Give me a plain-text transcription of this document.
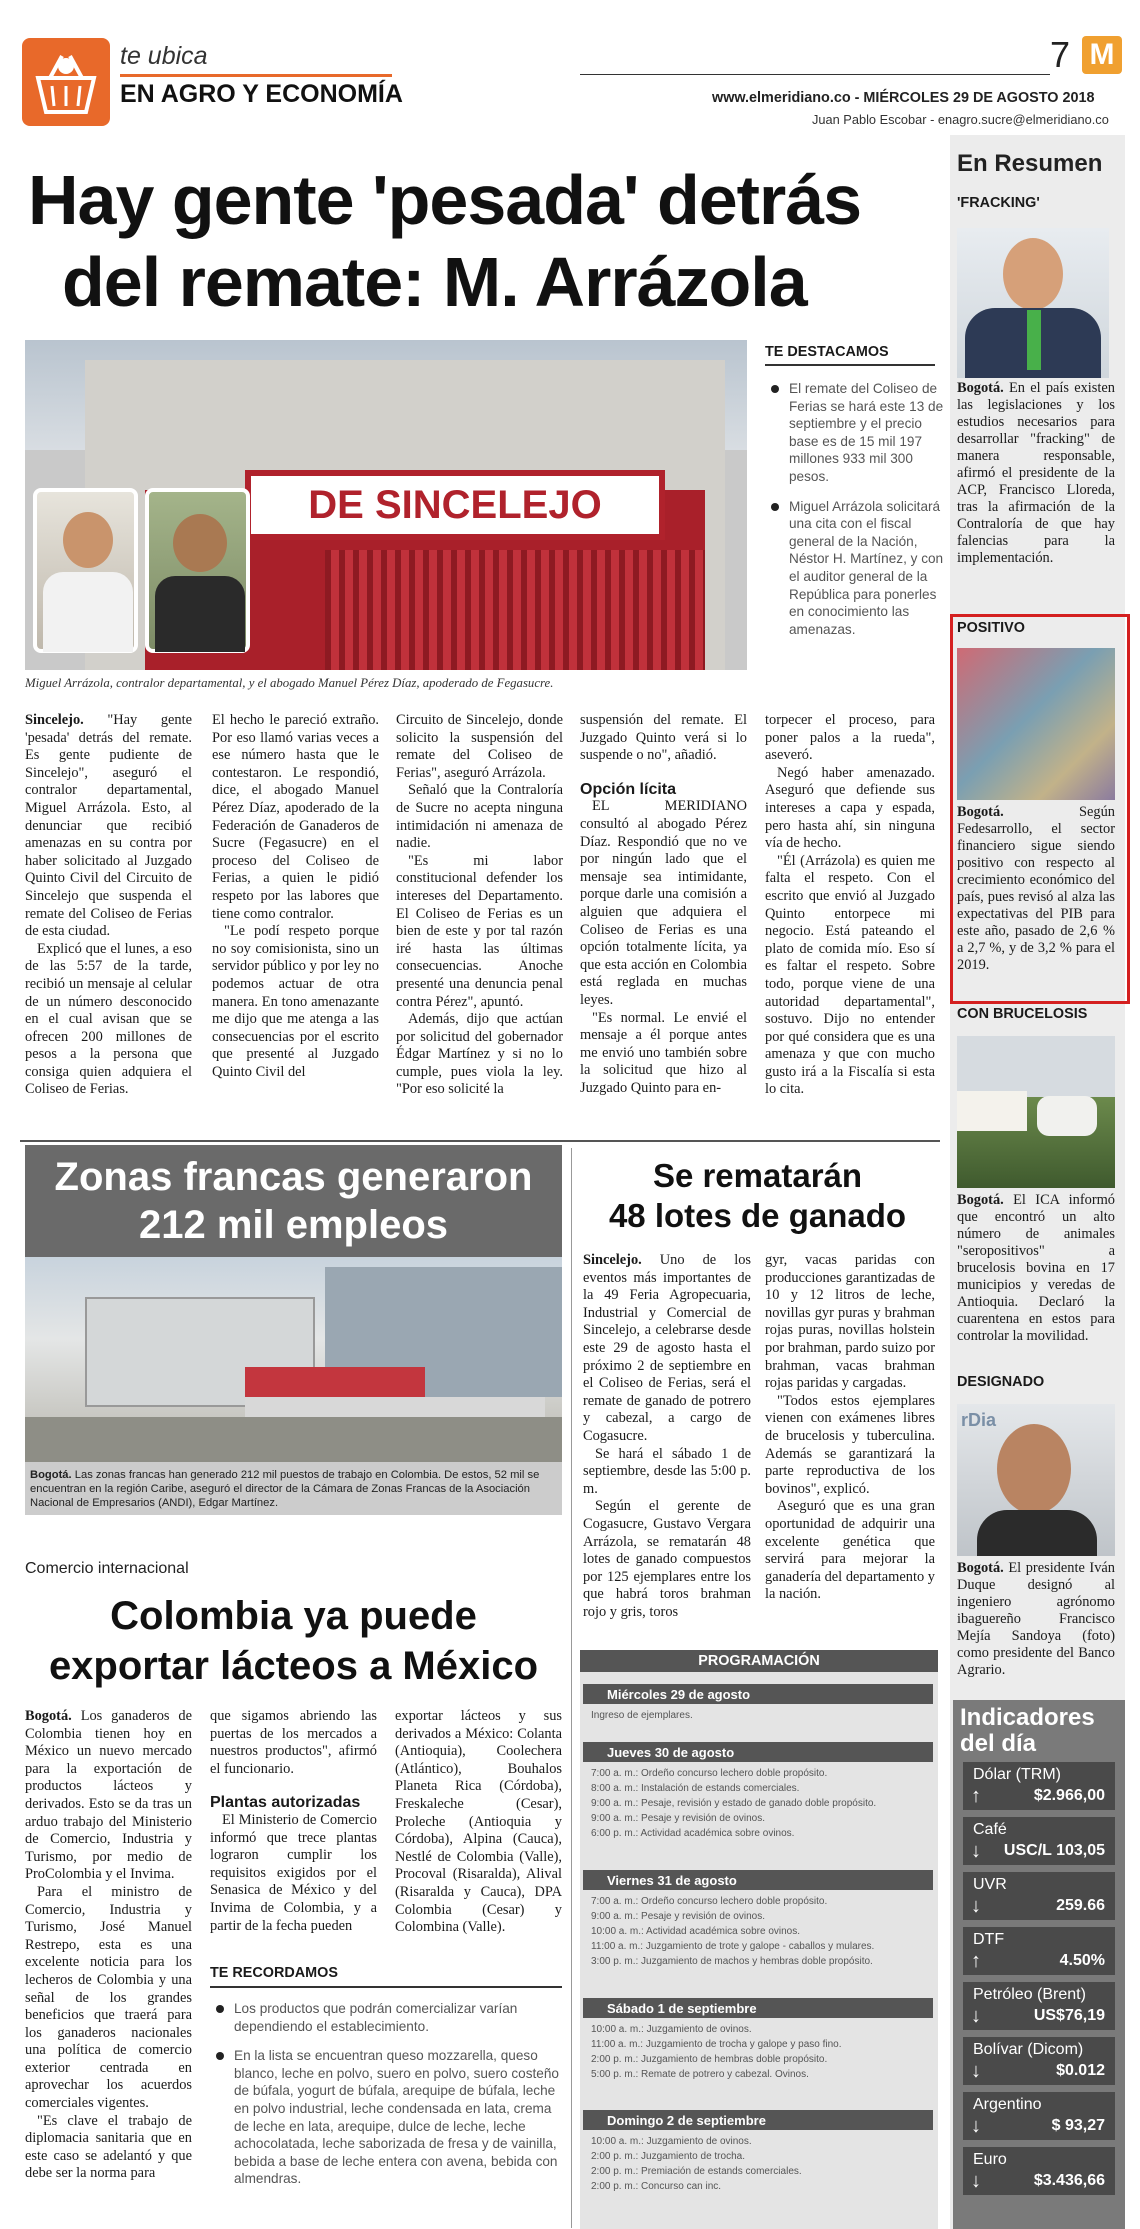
te ubica
EN AGRO Y ECONOMÍA
7 M
www.elmeridiano.co - MIÉRCOLES 29 DE AGOSTO 2018
Juan Pablo Escobar - enagro.sucre@elmeridiano.co
Hay gente 'pesada' detrás
del remate: M. Arrázola
DE SINCELEJO
Miguel Arrázola, contralor departamental, y el abogado Manuel Pérez Díaz, apoderado de Fegasucre.
TE DESTACAMOS
El remate del Coliseo de Ferias se hará este 13 de septiembre y el precio base es de 15 mil 197 millones 933 mil 300 pesos.
Miguel Arrázola solicitará una cita con el fiscal general de la Nación, Néstor H. Martínez, y con el auditor general de la República para ponerles en conocimiento las amenazas.

Sincelejo. "Hay gente 'pesada' detrás del remate. Es gente pudiente de Sincelejo", aseguró el contralor departamental, Miguel Arrázola. Esto, al denunciar que recibió amenazas en su contra por haber solicitado al Juzgado Quinto Civil del Circuito de Sincelejo que suspenda el remate del Coliseo de Ferias de esta ciudad.

Explicó que el lunes, a eso de las 5:57 de la tarde, recibió un mensaje al celular de un número desconocido en el cual avisan que se ofrecen 200 millones de pesos a la persona que consiga quien adquiera el Coliseo de Ferias.

El hecho le pareció extraño. Por eso llamó varias veces a ese número hasta que le contestaron. Le respondió, dice, el abogado Manuel Pérez Díaz, apoderado de la Federación de Ganaderos de Sucre (Fegasucre) en el proceso del Coliseo de Ferias, a quien le pidió respeto por las labores que tiene como contralor.

"Le podí respeto porque no soy comisionista, sino un servidor público y por ley no podemos actuar de otra manera. En tono amenazante me dijo que me atenga a las consecuencias por el escrito que presenté al Juzgado Quinto Civil del

Circuito de Sincelejo, donde solicito la suspensión del remate del Coliseo de Ferias", aseguró Arrázola.

Señaló que la Contraloría de Sucre no acepta ninguna intimidación ni amenaza de nadie.

"Es mi labor constitucional defender los intereses del Departamento. El Coliseo de Ferias es un bien de este y por tal razón iré hasta las últimas consecuencias. Anoche presenté una denuncia penal contra Pérez", apuntó.

Además, dijo que actúan por solicitud del gobernador Édgar Martínez y si no lo cumple, pues viola la ley. "Por eso solicité la

suspensión del remate. El Juzgado Quinto verá si lo suspende o no", añadió.

Opción lícita

EL MERIDIANO consultó al abogado Pérez Díaz. Respondió que no ve por ningún lado que el mensaje sea intimidante, porque darle una comisión a alguien que adquiera el Coliseo de Ferias es una opción totalmente lícita, ya que esta acción en Colombia está reglada en muchas leyes.

"Es normal. Le envié el mensaje a él porque antes me envió uno también sobre la solicitud que hizo al Juzgado Quinto para en-

torpecer el proceso, para poner palos a la rueda", aseveró.

Negó haber amenazado. Aseguró que defiende sus intereses a capa y espada, pero hasta ahí, sin ninguna vía de hecho.

"Él (Arrázola) es quien me falta el respeto. Con el escrito que envió al Juzgado Quinto entorpece mi negocio. Está pateando el plato de comida mío. Eso sí es faltar el respeto. Sobre todo, porque viene de una autoridad departamental", sostuvo. Dijo no entender por qué considera que es una amenaza y que con mucho gusto irá a la Fiscalía si esta lo cita.

Zonas francas generaron
212 mil empleos
Bogotá. Las zonas francas han generado 212 mil puestos de trabajo en Colombia. De estos, 52 mil se encuentran en la región Caribe, aseguró el director de la Cámara de Zonas Francas de la Asociación Nacional de Empresarios (ANDI), Edgar Martínez.
Comercio internacional
Colombia ya puede
exportar lácteos a México

Bogotá. Los ganaderos de Colombia tienen hoy en México un nuevo mercado para la exportación de productos lácteos y derivados. Esto se da tras un arduo trabajo del Ministerio de Comercio, Industria y Turismo, por medio de ProColombia y el Invima.

Para el ministro de Comercio, Industria y Turismo, José Manuel Restrepo, esta es una excelente noticia para los lecheros de Colombia y una señal de los grandes beneficios que traerá para los ganaderos nacionales una política de comercio exterior centrada en aprovechar los acuerdos comerciales vigentes.

"Es clave el trabajo de diplomacia sanitaria que en este caso se adelantó y que debe ser la norma para

que sigamos abriendo las puertas de los mercados a nuestros productos", afirmó el funcionario.

Plantas autorizadas

El Ministerio de Comercio informó que trece plantas lograron cumplir los requisitos exigidos por el Senasica de México y del Invima de Colombia, y a partir de la fecha pueden

exportar lácteos y sus derivados a México: Colanta (Antioquia), Coolechera (Atlántico), Bouhalos Planeta Rica (Córdoba), Freskaleche (Cesar), Proleche (Antioquia y Córdoba), Alpina (Cauca), Nestlé de Colombia (Valle), Procoval (Risaralda), Alival (Risaralda y Cauca), DPA Colombia (Cesar) y Colombina (Valle).

TE RECORDAMOS
Los productos que podrán comercializar varían dependiendo el establecimiento.
En la lista se encuentran queso mozzarella, queso blanco, leche en polvo, suero en polvo, suero costeño de búfala, yogurt de búfala, arequipe de búfala, leche en polvo industrial, leche condensada en lata, crema de leche en lata, arequipe, dulce de leche, leche achocolatada, leche saborizada de fresa y de vainilla, bebida a base de leche entera con avena, bebida con almendras.
Se rematarán
48 lotes de ganado

Sincelejo. Uno de los eventos más importantes de la 49 Feria Agropecuaria, Industrial y Comercial de Sincelejo, a celebrarse desde este 29 de agosto hasta el próximo 2 de septiembre en el Coliseo de Ferias, será el remate de ganado de potrero y cabezal, a cargo de Cogasucre.

Se hará el sábado 1 de septiembre, desde las 5:00 p. m.

Según el gerente de Cogasucre, Gustavo Vergara Arrázola, se rematarán 48 lotes de ganado compuestos por 125 ejemplares entre los que habrá toros brahman rojo y gris, toros

gyr, vacas paridas con producciones garantizadas de 10 y 12 litros de leche, novillas gyr puras y brahman rojas puras, novillas holstein por brahman, pardo suizo por brahman, vacas brahman rojas paridas y cargadas.

"Todos estos ejemplares vienen con exámenes libres de brucelosis y tuberculina. Además se garantizará la parte reproductiva de los bovinos", explicó.

Aseguró que es una gran oportunidad de adquirir una excelente genética que servirá para mejorar la ganadería del departamento y la nación.

PROGRAMACIÓN
Miércoles 29 de agosto
Ingreso de ejemplares.
Jueves 30 de agosto
7:00 a. m.: Ordeño concurso lechero doble propósito.
8:00 a. m.: Instalación de estands comerciales.
9:00 a. m.: Pesaje, revisión y estado de ganado doble propósito.
9:00 a. m.: Pesaje y revisión de ovinos.
6:00 p. m.: Actividad académica sobre ovinos.
Viernes 31 de agosto
7:00 a. m.: Ordeño concurso lechero doble propósito.
9:00 a. m.: Pesaje y revisión de ovinos.
10:00 a. m.: Actividad académica sobre ovinos.
11:00 a. m.: Juzgamiento de trote y galope - caballos y mulares.
3:00 p. m.: Juzgamiento de machos y hembras doble propósito.
Sábado 1 de septiembre
10:00 a. m.: Juzgamiento de ovinos.
11:00 a. m.: Juzgamiento de trocha y galope y paso fino.
2:00 p. m.: Juzgamiento de hembras doble propósito.
5:00 p. m.: Remate de potrero y cabezal. Ovinos.
Domingo 2 de septiembre
10:00 a. m.: Juzgamiento de ovinos.
2:00 p. m.: Juzgamiento de trocha.
2:00 p. m.: Premiación de estands comerciales.
2:00 p. m.: Concurso can inc.
En Resumen
'FRACKING'
Bogotá. En el país existen las legislaciones y los estudios necesarios para desarrollar "fracking" de manera responsable, afirmó el presidente de la ACP, Francisco Lloreda, tras la afirmación de la Contraloría de que hay falencias para la implementación.
POSITIVO
Bogotá. Según Fedesarrollo, el sector financiero sigue siendo positivo con respecto al crecimiento económico del país, pues revisó al alza las expectativas del PIB para este año, pasado de 2,6 % a 2,7 %, y de 3,2 % para el 2019.
CON BRUCELOSIS
Bogotá. El ICA informó que encontró un alto número de animales "seropositivos" a brucelosis bovina en 17 municipios y veredas de Antioquia. Declaró la cuarentena en estos para controlar la movilidad.
DESIGNADO
rDia
Bogotá. El presidente Iván Duque designó al ingeniero agrónomo ibaguereño Francisco Mejía Sandoya (foto) como presidente del Banco Agrario.
Indicadores
del día
Dólar (TRM)
↑	$2.966,00
Café
↓ USC/L 103,05
UVR
↓	259.66
DTF
↑	4.50%
Petróleo (Brent)
↓	US$76,19
Bolívar (Dicom)
↓	$0.012
Argentino
↓	$ 93,27
Euro
↓	$3.436,66
